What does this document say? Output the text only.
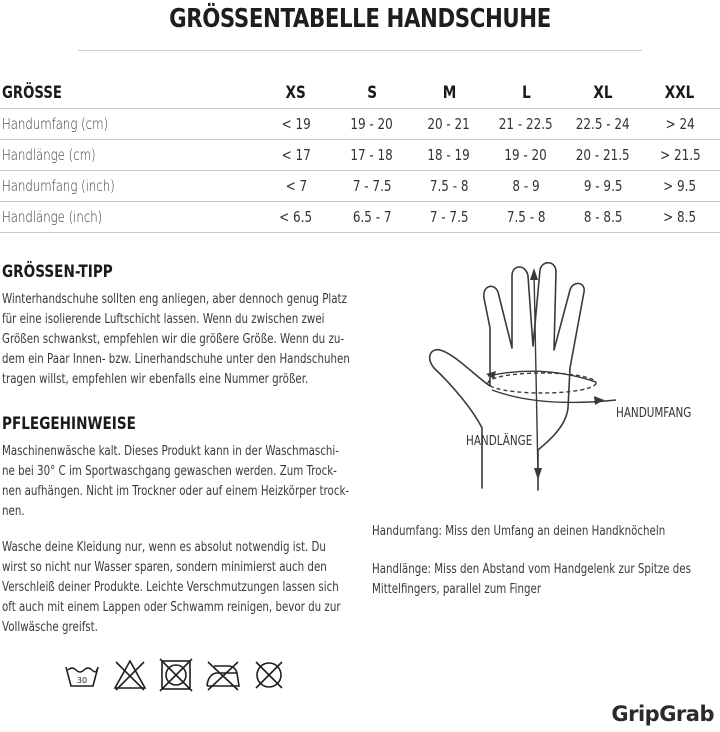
GRÖSSENTABELLE HANDSCHUHE
GRÖSSE	XS	S	M	L	XL	XXL
Handumfang (cm)	< 19	19 - 20	20 - 21	21 - 22.5	22.5 - 24	> 24
Handlänge (cm)	< 17	17 - 18	18 - 19	19 - 20	20 - 21.5	> 21.5
Handumfang (inch)	< 7	7 - 7.5	7.5 - 8	8 - 9	9 - 9.5	> 9.5
Handlänge (inch)	< 6.5	6.5 - 7	7 - 7.5	7.5 - 8	8 - 8.5	> 8.5
GRÖSSEN-TIPP

Winterhandschuhe sollten eng anliegen, aber dennoch genug Platz
für eine isolierende Luftschicht lassen. Wenn du zwischen zwei
Größen schwankst, empfehlen wir die größere Größe. Wenn du zu-
dem ein Paar Innen- bzw. Linerhandschuhe unter den Handschuhen
tragen willst, empfehlen wir ebenfalls eine Nummer größer.

PFLEGEHINWEISE

Maschinenwäsche kalt. Dieses Produkt kann in der Waschmaschi-
ne bei 30° C im Sportwaschgang gewaschen werden. Zum Trock-
nen aufhängen. Nicht im Trockner oder auf einem Heizkörper trock-
nen.

Wasche deine Kleidung nur, wenn es absolut notwendig ist. Du
wirst so nicht nur Wasser sparen, sondern minimierst auch den
Verschleiß deiner Produkte. Leichte Verschmutzungen lassen sich
oft auch mit einem Lappen oder Schwamm reinigen, bevor du zur
Vollwäsche greifst.

30
HANDUMFANG
HANDLÄNGE

Handumfang: Miss den Umfang an deinen Handknöcheln

Handlänge: Miss den Abstand vom Handgelenk zur Spitze des
Mittelfingers, parallel zum Finger

GripGrab
